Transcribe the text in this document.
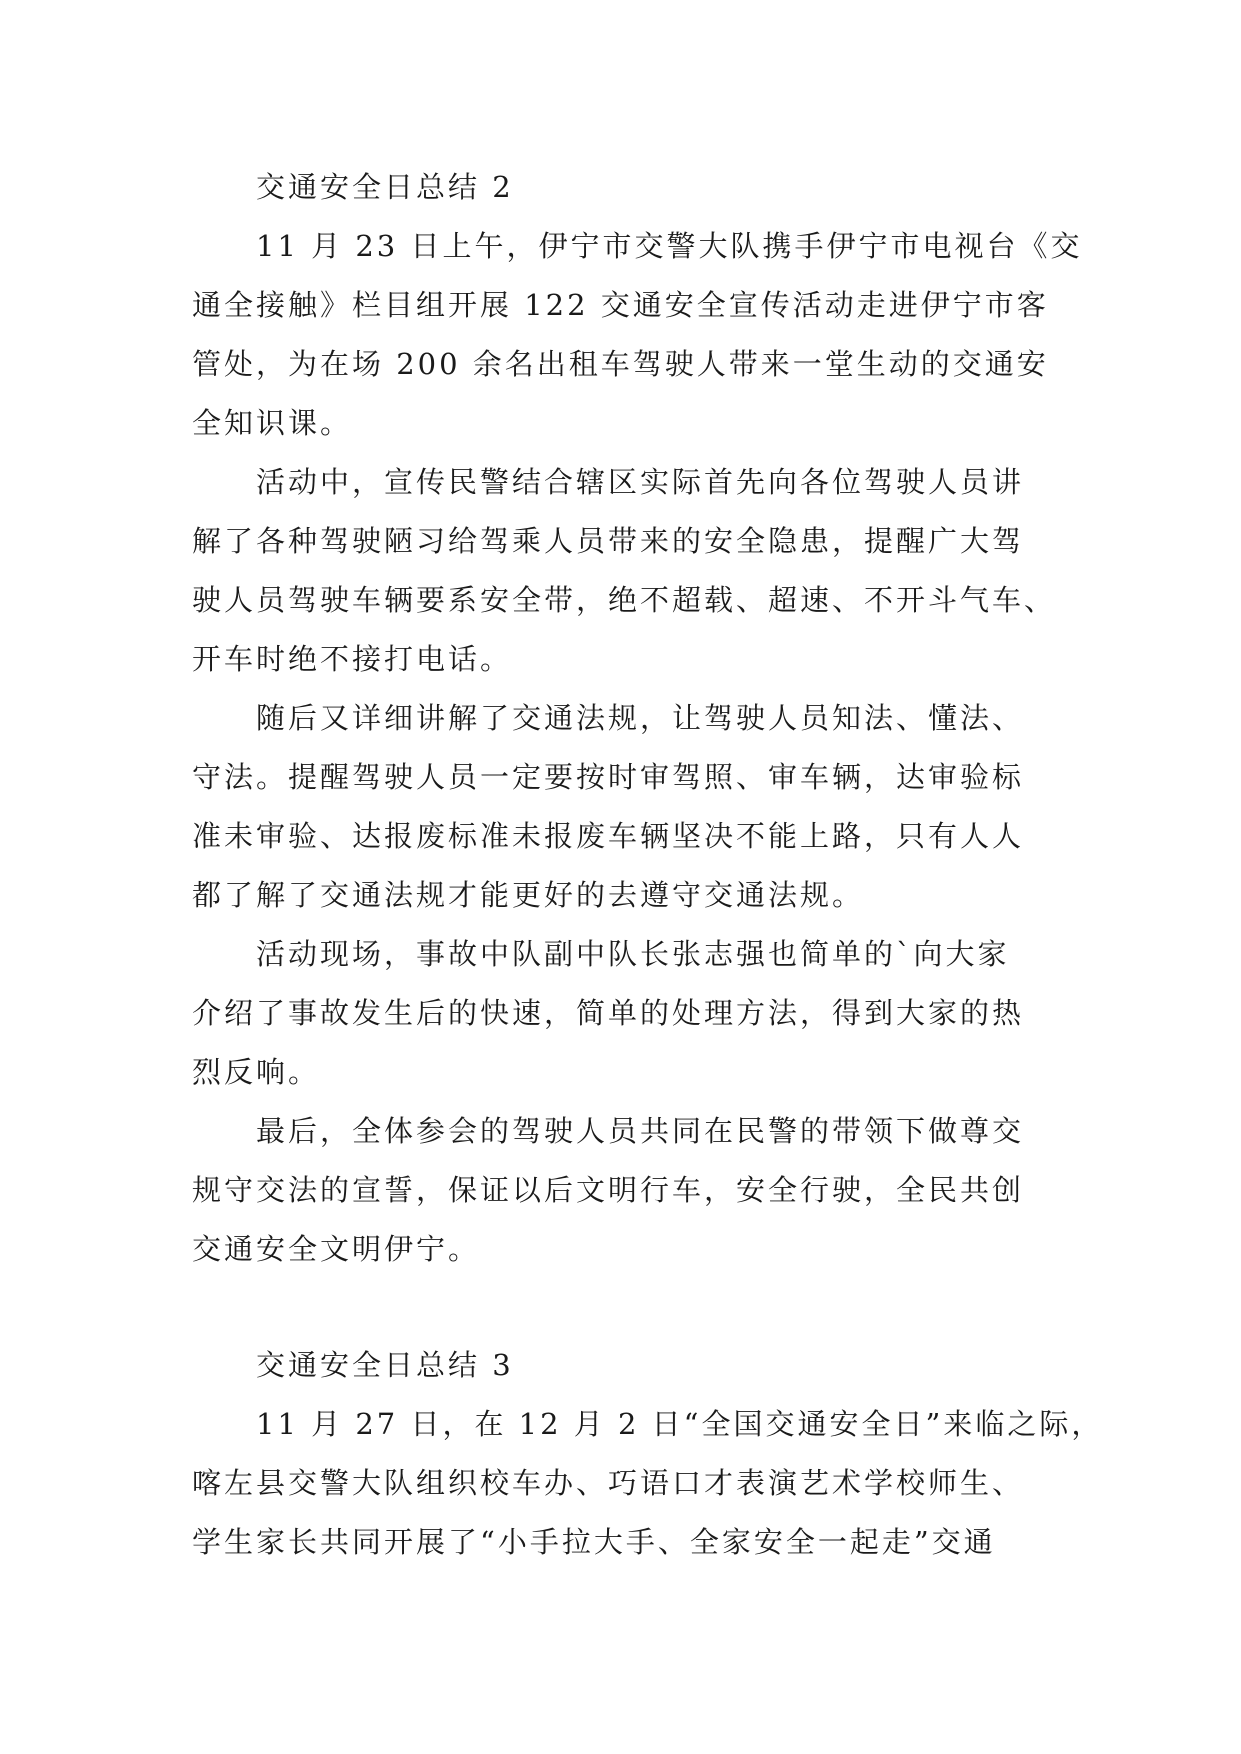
交通安全日总结 2
11 月 23 日上午，伊宁市交警大队携手伊宁市电视台《交
通全接触》栏目组开展 122 交通安全宣传活动走进伊宁市客
管处，为在场 200 余名出租车驾驶人带来一堂生动的交通安
全知识课。
活动中，宣传民警结合辖区实际首先向各位驾驶人员讲
解了各种驾驶陋习给驾乘人员带来的安全隐患，提醒广大驾
驶人员驾驶车辆要系安全带，绝不超载、超速、不开斗气车、
开车时绝不接打电话。
随后又详细讲解了交通法规，让驾驶人员知法、懂法、
守法。提醒驾驶人员一定要按时审驾照、审车辆，达审验标
准未审验、达报废标准未报废车辆坚决不能上路，只有人人
都了解了交通法规才能更好的去遵守交通法规。
活动现场，事故中队副中队长张志强也简单的`向大家
介绍了事故发生后的快速，简单的处理方法，得到大家的热
烈反响。
最后，全体参会的驾驶人员共同在民警的带领下做尊交
规守交法的宣誓，保证以后文明行车，安全行驶，全民共创
交通安全文明伊宁。
交通安全日总结 3
11 月 27 日，在 12 月 2 日“全国交通安全日”来临之际，
喀左县交警大队组织校车办、巧语口才表演艺术学校师生、
学生家长共同开展了“小手拉大手、全家安全一起走”交通
